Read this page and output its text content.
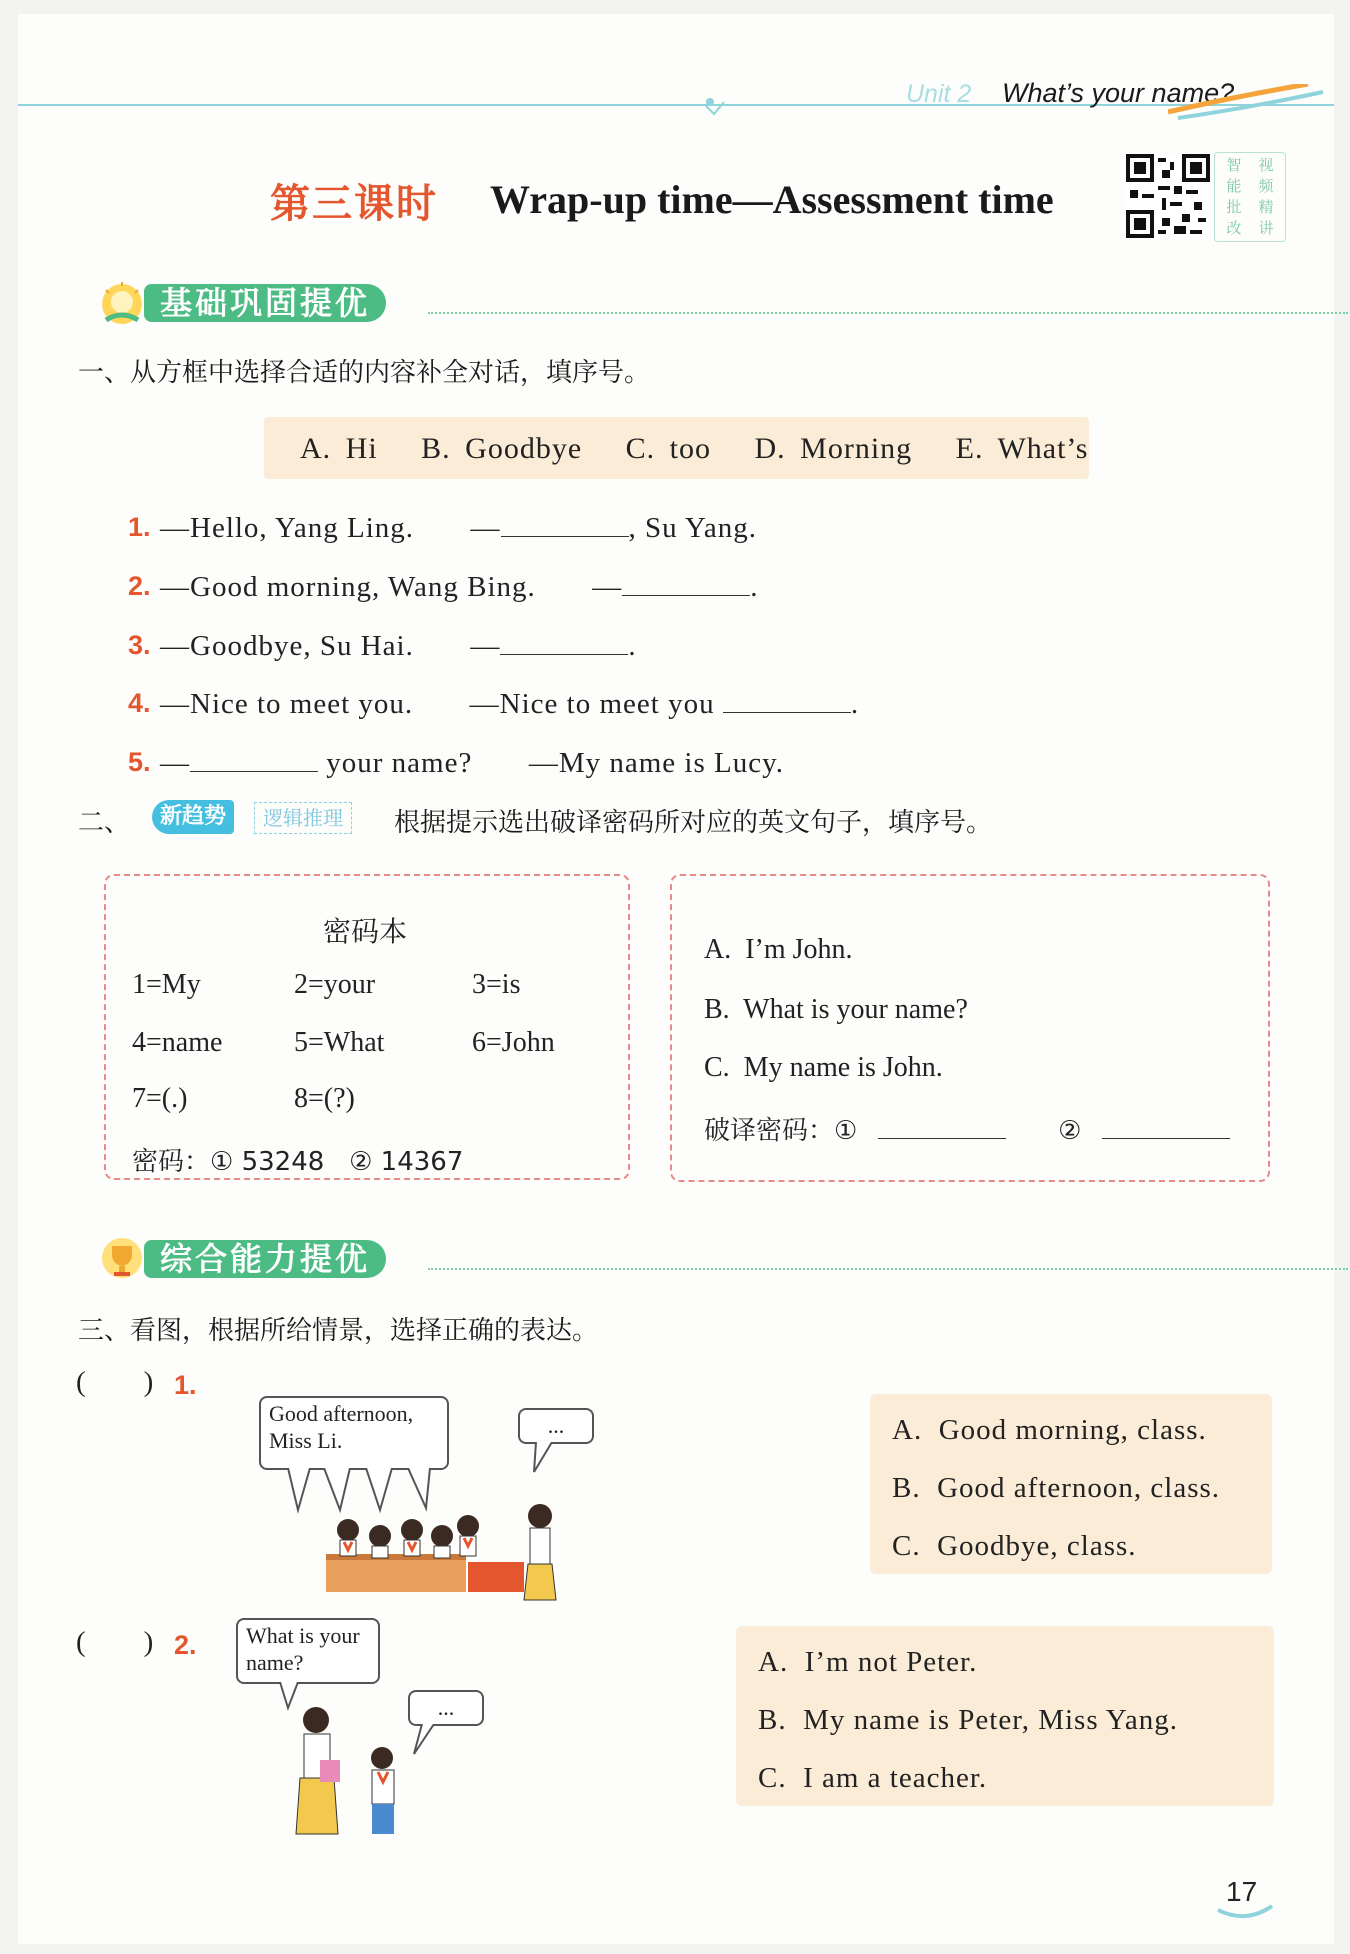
Unit 2 What’s your name?
第三课时 Wrap-up time—Assessment time
智	视
能	频
批	精
改	讲
基础巩固提优
一、从方框中选择合适的内容补全对话，填序号。
A. Hi   B. Goodbye   C. too   D. Morning   E. What’s
1. —Hello, Yang Ling. —	, Su Yang.
2. —Good morning, Wang Bing. —	.
3. —Goodbye, Su Hai. —	.
4. —Nice to meet you. —Nice to meet you	.
5. —	your name? —My name is Lucy.
二、	新趋势	逻辑推理	根据提示选出破译密码所对应的英文句子，填序号。
密码本
1=My	2=your	3=is
4=name	5=What	6=John
7=(.)	8=(?)
密码：① 53248   ② 14367
A.  I’m John.
B.  What is your name?
C.  My name is John.
破译密码：①	②
综合能力提优
三、看图，根据所给情景，选择正确的表达。
(        ) 1.
Good afternoon, Miss Li.
...	A.  Good morning, class.
B.  Good afternoon, class.
C.  Goodbye, class.
(        ) 2.	What is your name?
...
A.  I’m not Peter.
B.  My name is Peter, Miss Yang.
C.  I am a teacher.
17
